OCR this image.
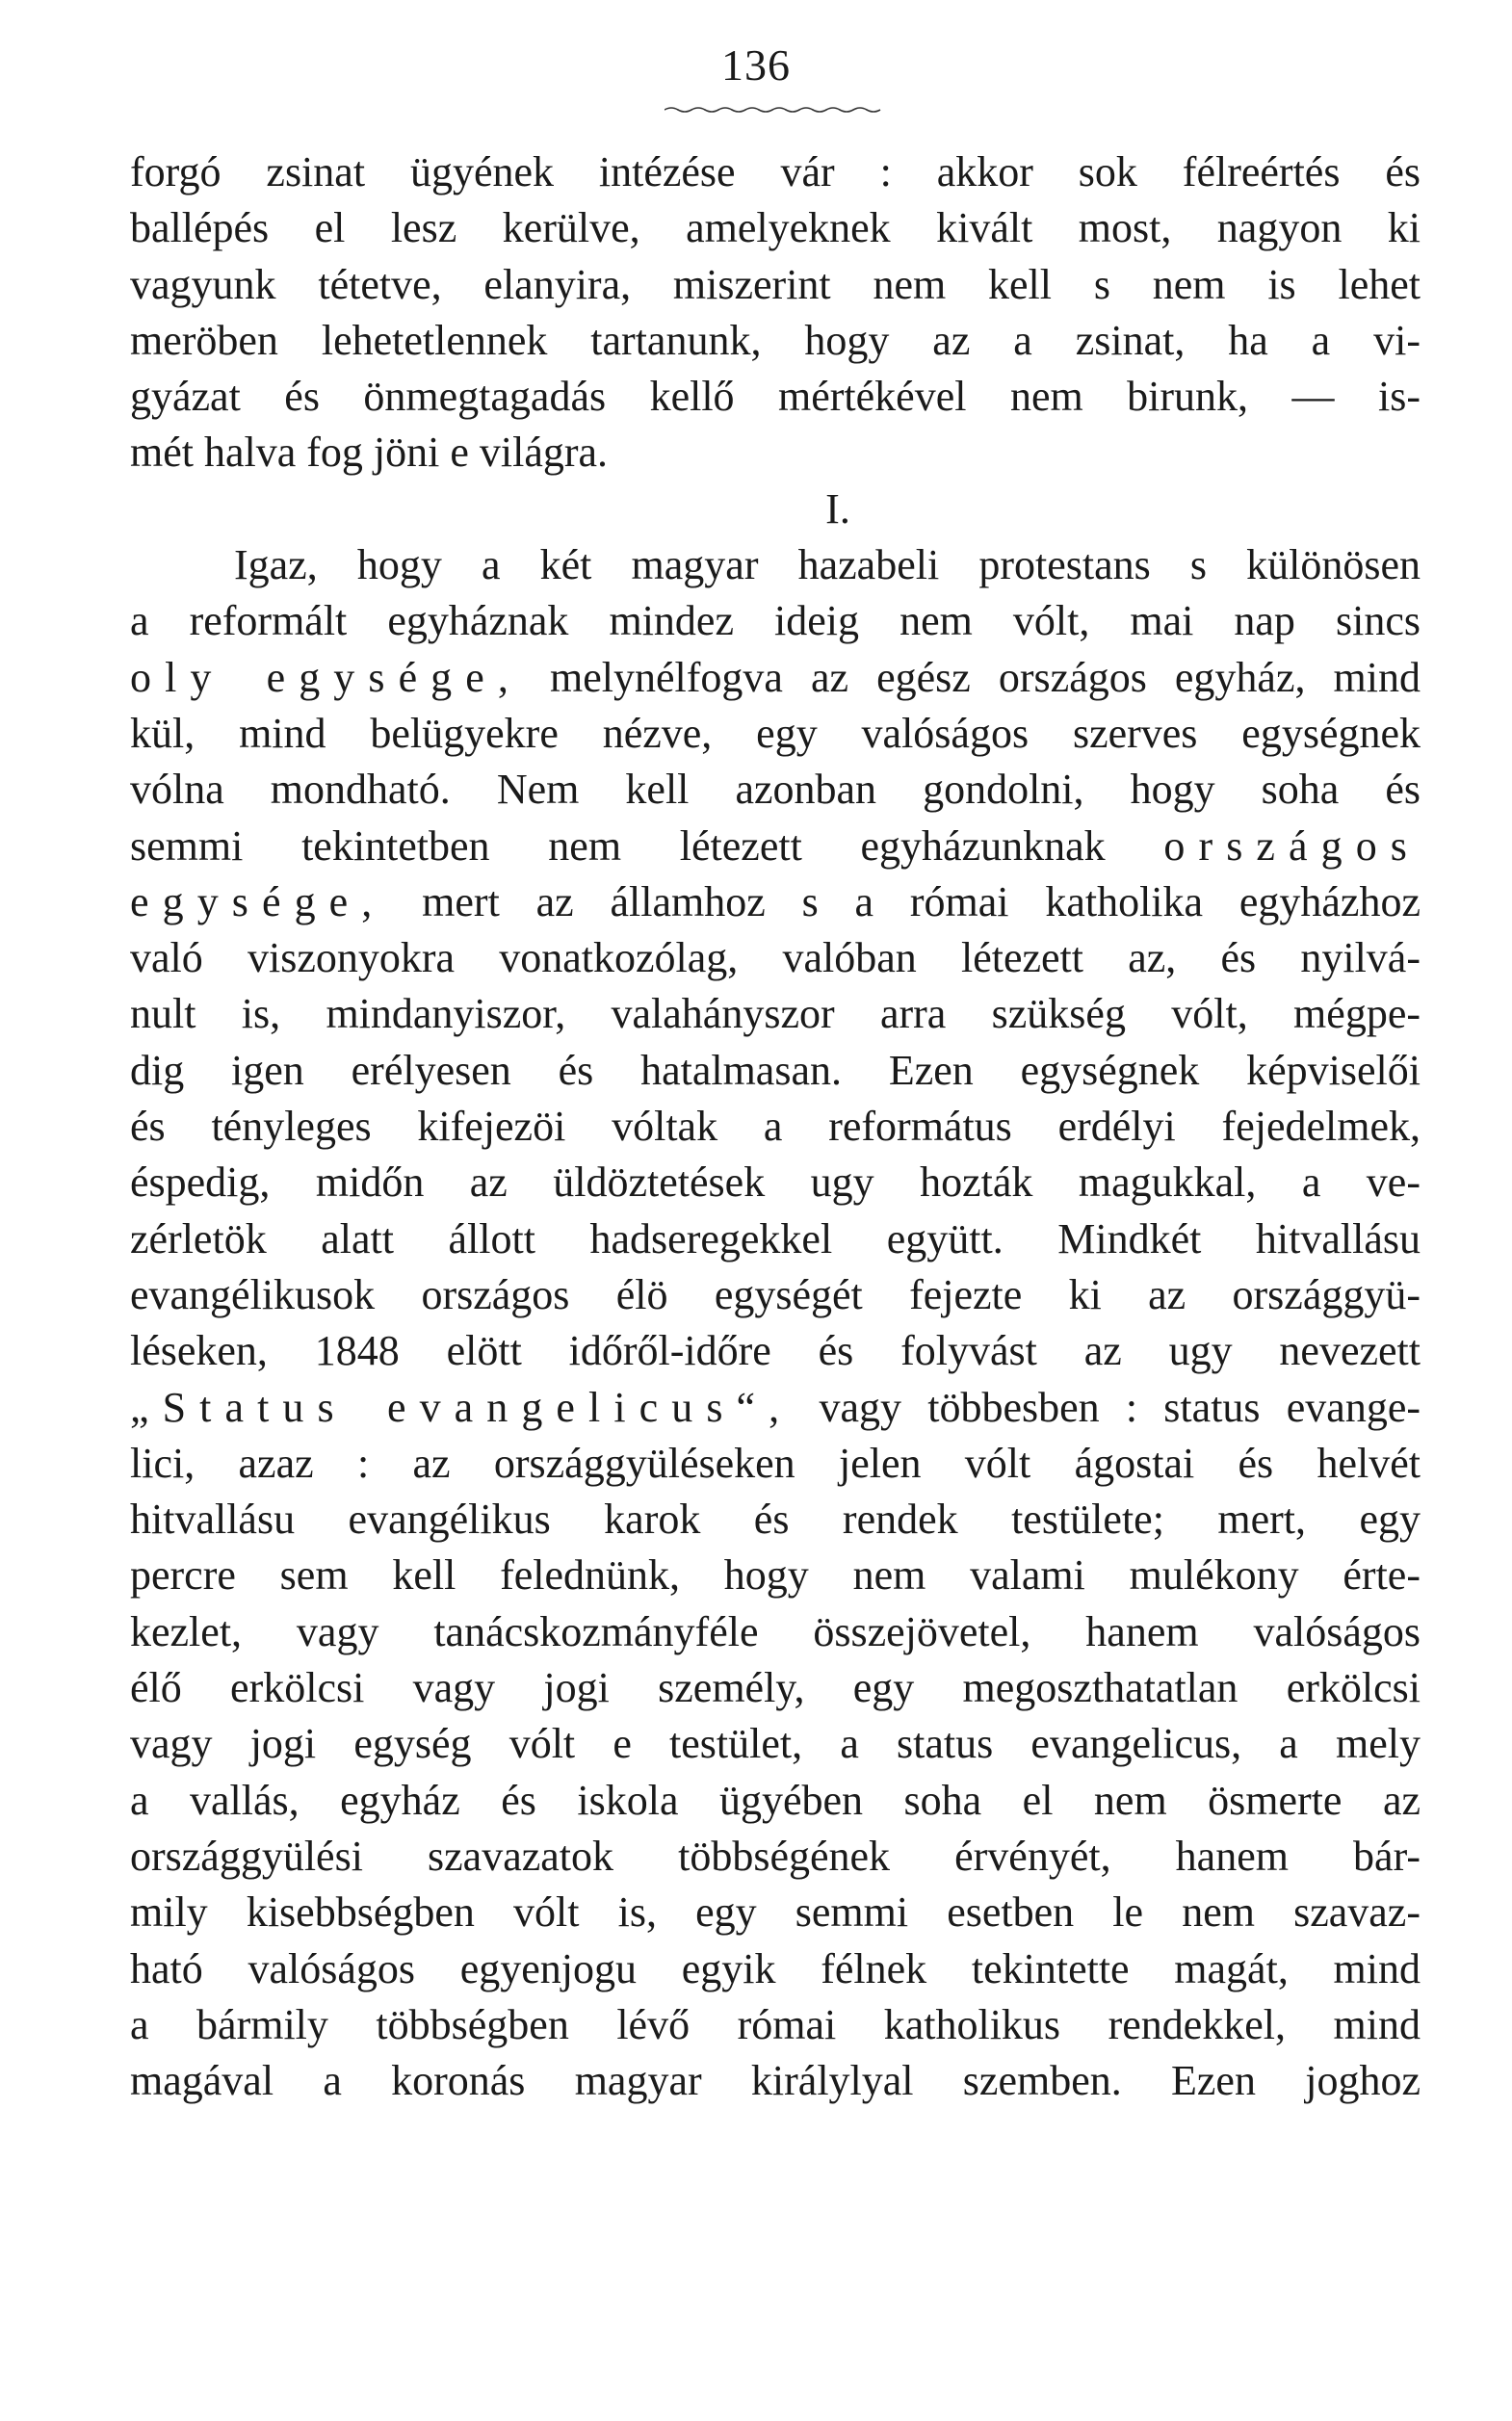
136
forgó zsinat ügyének intézése vár : akkor sok félreértés és
ballépés el lesz kerülve, amelyeknek kivált most, nagyon ki
vagyunk tétetve, elanyira, miszerint nem kell s nem is lehet
meröben lehetetlennek tartanunk, hogy az a zsinat, ha a vi-
gyázat és önmegtagadás kellő mértékével nem birunk, — is-
mét halva fog jöni e világra.
I.
Igaz, hogy a két magyar hazabeli protestans s különösen
a reformált egyháznak mindez ideig nem vólt, mai nap sincs
oly egysége, melynélfogva az egész országos egyház, mind
kül, mind belügyekre nézve, egy valóságos szerves egységnek
vólna mondható. Nem kell azonban gondolni, hogy soha és
semmi tekintetben nem létezett egyházunknak országos
egysége, mert az államhoz s a római katholika egyházhoz
való viszonyokra vonatkozólag, valóban létezett az, és nyilvá-
nult is, mindanyiszor, valahányszor arra szükség vólt, mégpe-
dig igen erélyesen és hatalmasan. Ezen egységnek képviselői
és tényleges kifejezöi vóltak a református erdélyi fejedelmek,
éspedig, midőn az üldöztetések ugy hozták magukkal, a ve-
zérletök alatt állott hadseregekkel együtt. Mindkét hitvallásu
evangélikusok országos élö egységét fejezte ki az országgyü-
léseken, 1848 elött időről-időre és folyvást az ugy nevezett
„Status evangelicus“, vagy többesben : status evange-
lici, azaz : az országgyüléseken jelen vólt ágostai és helvét
hitvallásu evangélikus karok és rendek testülete; mert, egy
percre sem kell felednünk, hogy nem valami mulékony érte-
kezlet, vagy tanácskozmányféle összejövetel, hanem valóságos
élő erkölcsi vagy jogi személy, egy megoszthatatlan erkölcsi
vagy jogi egység vólt e testület, a status evangelicus, a mely
a vallás, egyház és iskola ügyében soha el nem ösmerte az
országgyülési szavazatok többségének érvényét, hanem bár-
mily kisebbségben vólt is, egy semmi esetben le nem szavaz-
ható valóságos egyenjogu egyik félnek tekintette magát, mind
a bármily többségben lévő római katholikus rendekkel, mind
magával a koronás magyar királylyal szemben. Ezen joghoz
